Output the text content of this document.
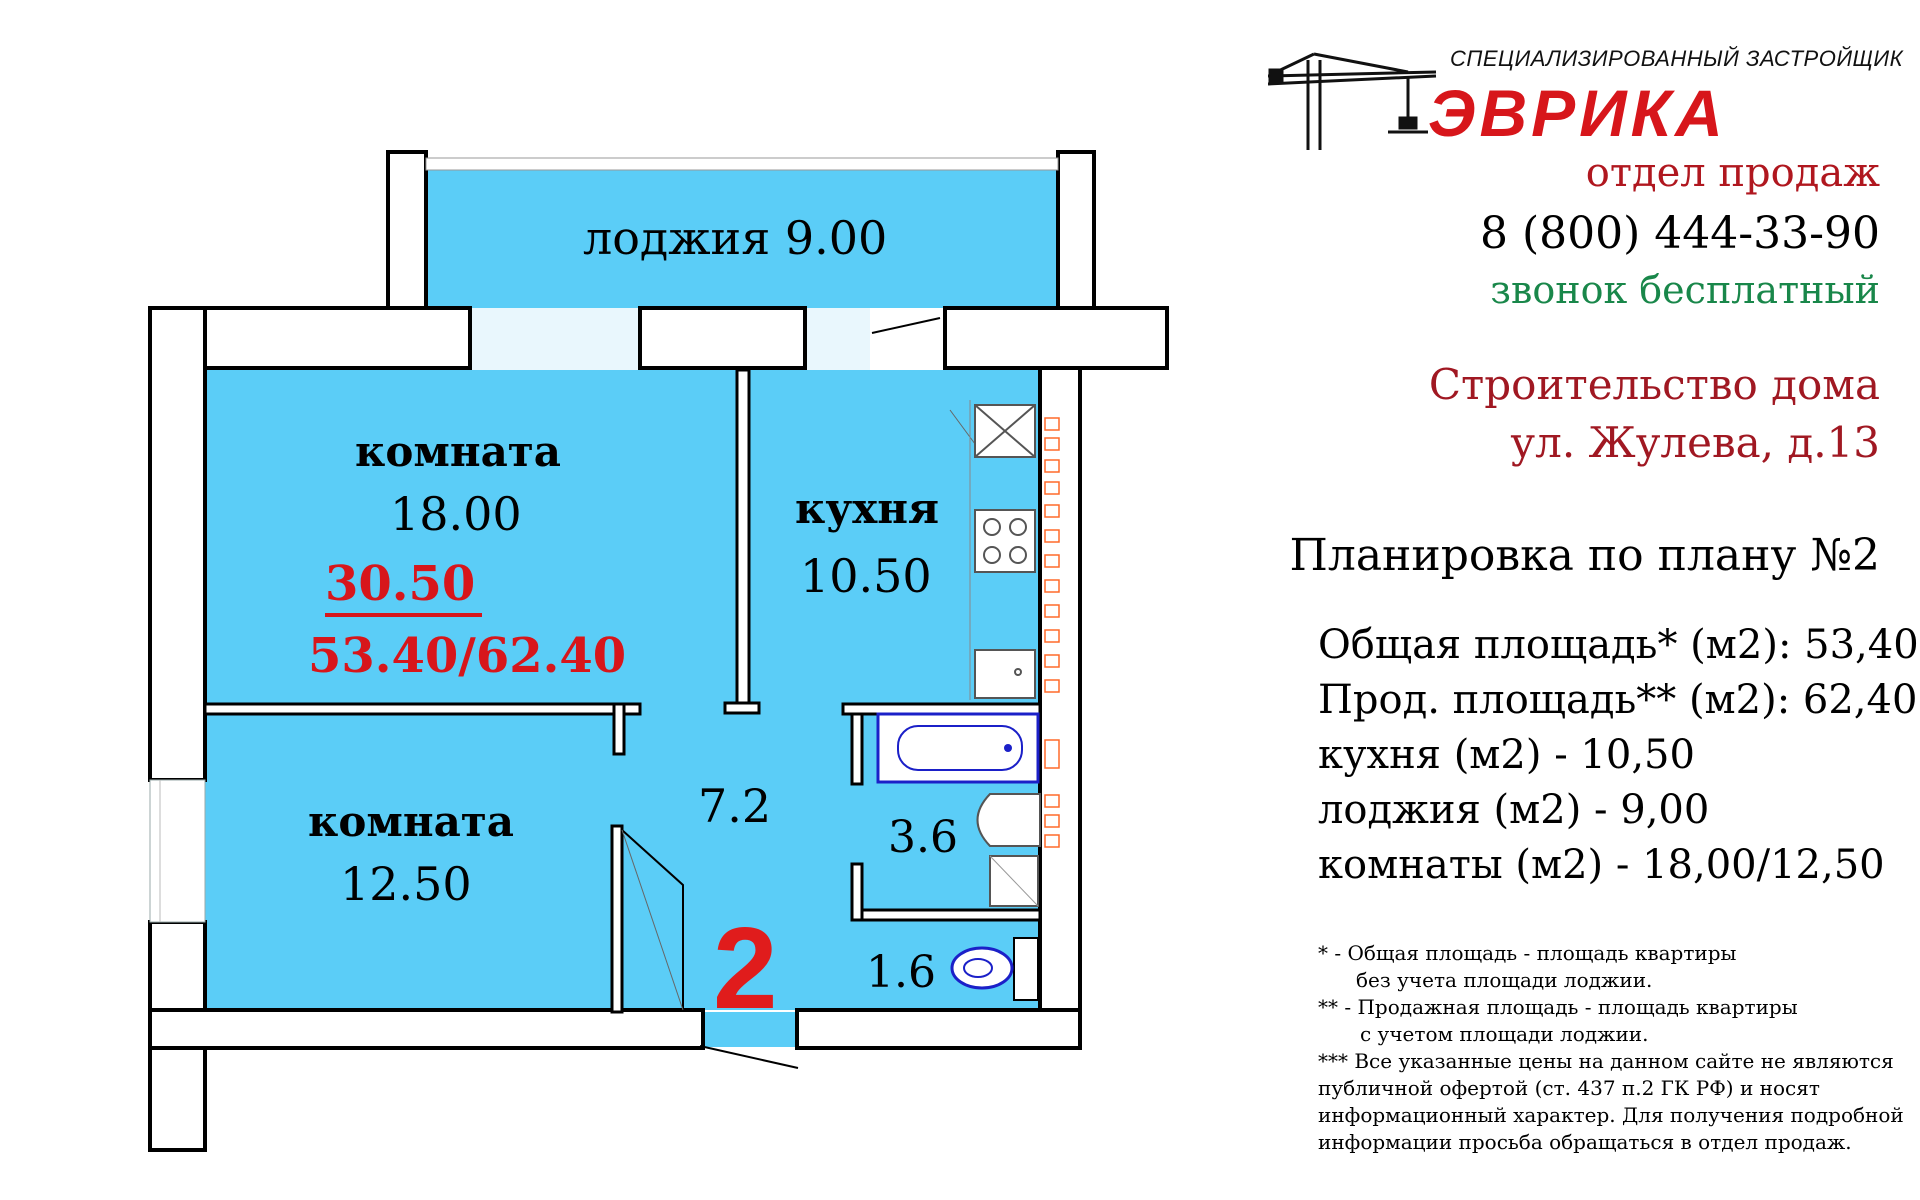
лоджия 9.00
комната
18.00
30.50
53.40/62.40
кухня
10.50
комната
12.50
7.2
3.6
1.6
2
СПЕЦИАЛИЗИРОВАННЫЙ ЗАСТРОЙЩИК
ЭВРИКА
отдел продаж
8 (800) 444-33-90
звонок бесплатный
Строительство дома
ул. Жулева, д.13
Планировка по плану №2
Общая площадь* (м2): 53,40
Прод. площадь** (м2): 62,40
кухня (м2) - 10,50
лоджия (м2) - 9,00
комнаты (м2) - 18,00/12,50
* - Общая площадь - площадь квартиры
без учета площади лоджии.
** - Продажная площадь - площадь квартиры
с учетом площади лоджии.
*** Все указанные цены на данном сайте не являются
публичной офертой (ст. 437 п.2 ГК РФ) и носят
информационный характер. Для получения подробной
информации просьба обращаться в отдел продаж.
